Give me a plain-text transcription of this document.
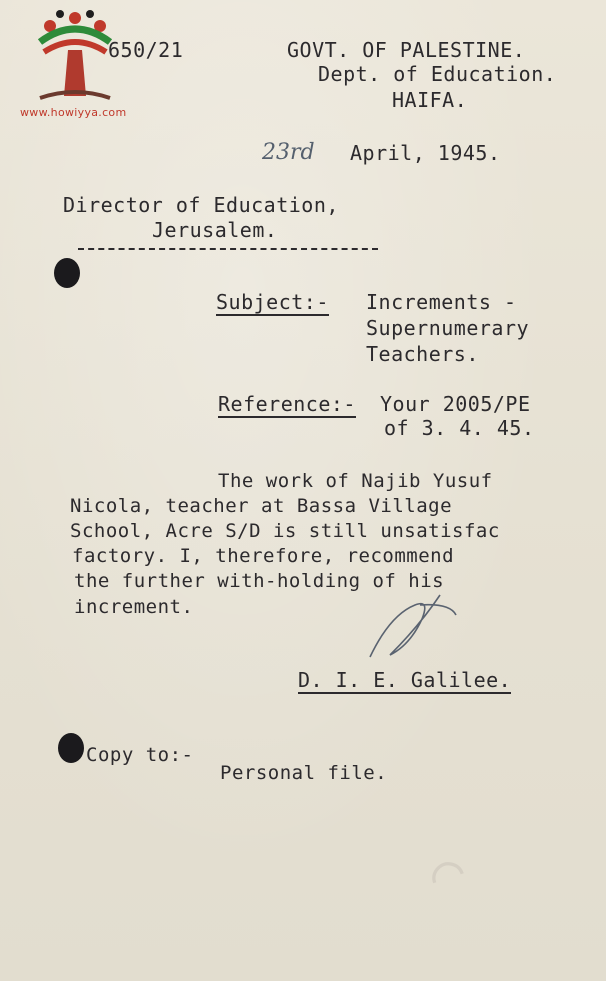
⌒
www.howiyya.com
650/21	GOVT. OF PALESTINE.
Dept. of Education.
HAIFA.
23rd April, 1945.
Director of Education,
Jerusalem.
Subject:- Increments -
Supernumerary
Teachers.
Reference:- Your 2005/PE
of 3. 4. 45.
The work of Najib Yusuf
Nicola, teacher at Bassa Village
School, Acre S/D is still unsatisfac
factory. I, therefore, recommend
the further with-holding of his
increment.
D. I. E. Galilee.
Copy to:-
Personal file.
